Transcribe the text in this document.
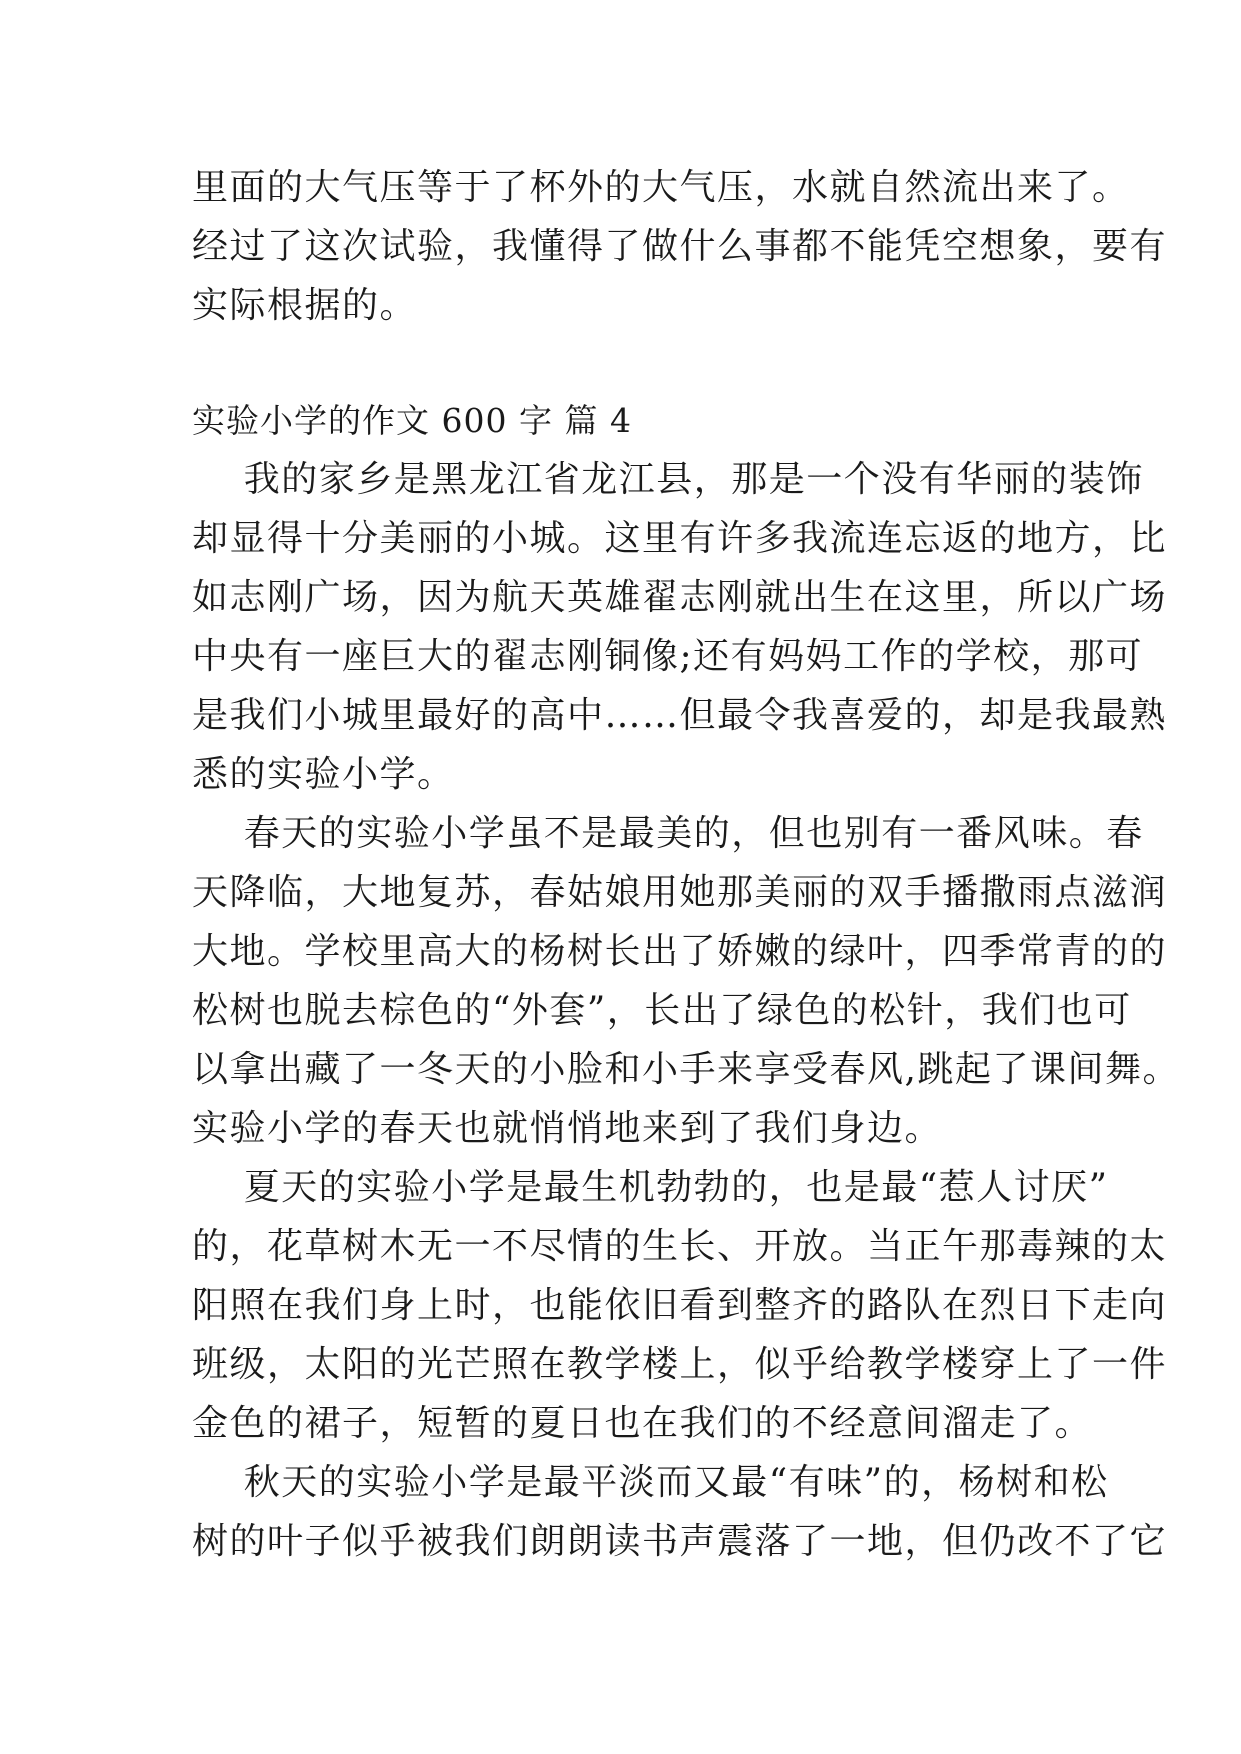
里面的大气压等于了杯外的大气压，水就自然流出来了。
经过了这次试验，我懂得了做什么事都不能凭空想象，要有
实际根据的。
实验小学的作文 600 字 篇 4
我的家乡是黑龙江省龙江县，那是一个没有华丽的装饰
却显得十分美丽的小城。这里有许多我流连忘返的地方，比
如志刚广场，因为航天英雄翟志刚就出生在这里，所以广场
中央有一座巨大的翟志刚铜像;还有妈妈工作的学校，那可
是我们小城里最好的高中……但最令我喜爱的，却是我最熟
悉的实验小学。
春天的实验小学虽不是最美的，但也别有一番风味。春
天降临，大地复苏，春姑娘用她那美丽的双手播撒雨点滋润
大地。学校里高大的杨树长出了娇嫩的绿叶，四季常青的的
松树也脱去棕色的“外套”，长出了绿色的松针，我们也可
以拿出藏了一冬天的小脸和小手来享受春风,跳起了课间舞。
实验小学的春天也就悄悄地来到了我们身边。
夏天的实验小学是最生机勃勃的，也是最“惹人讨厌”
的，花草树木无一不尽情的生长、开放。当正午那毒辣的太
阳照在我们身上时，也能依旧看到整齐的路队在烈日下走向
班级，太阳的光芒照在教学楼上，似乎给教学楼穿上了一件
金色的裙子，短暂的夏日也在我们的不经意间溜走了。
秋天的实验小学是最平淡而又最“有味”的，杨树和松
树的叶子似乎被我们朗朗读书声震落了一地，但仍改不了它
